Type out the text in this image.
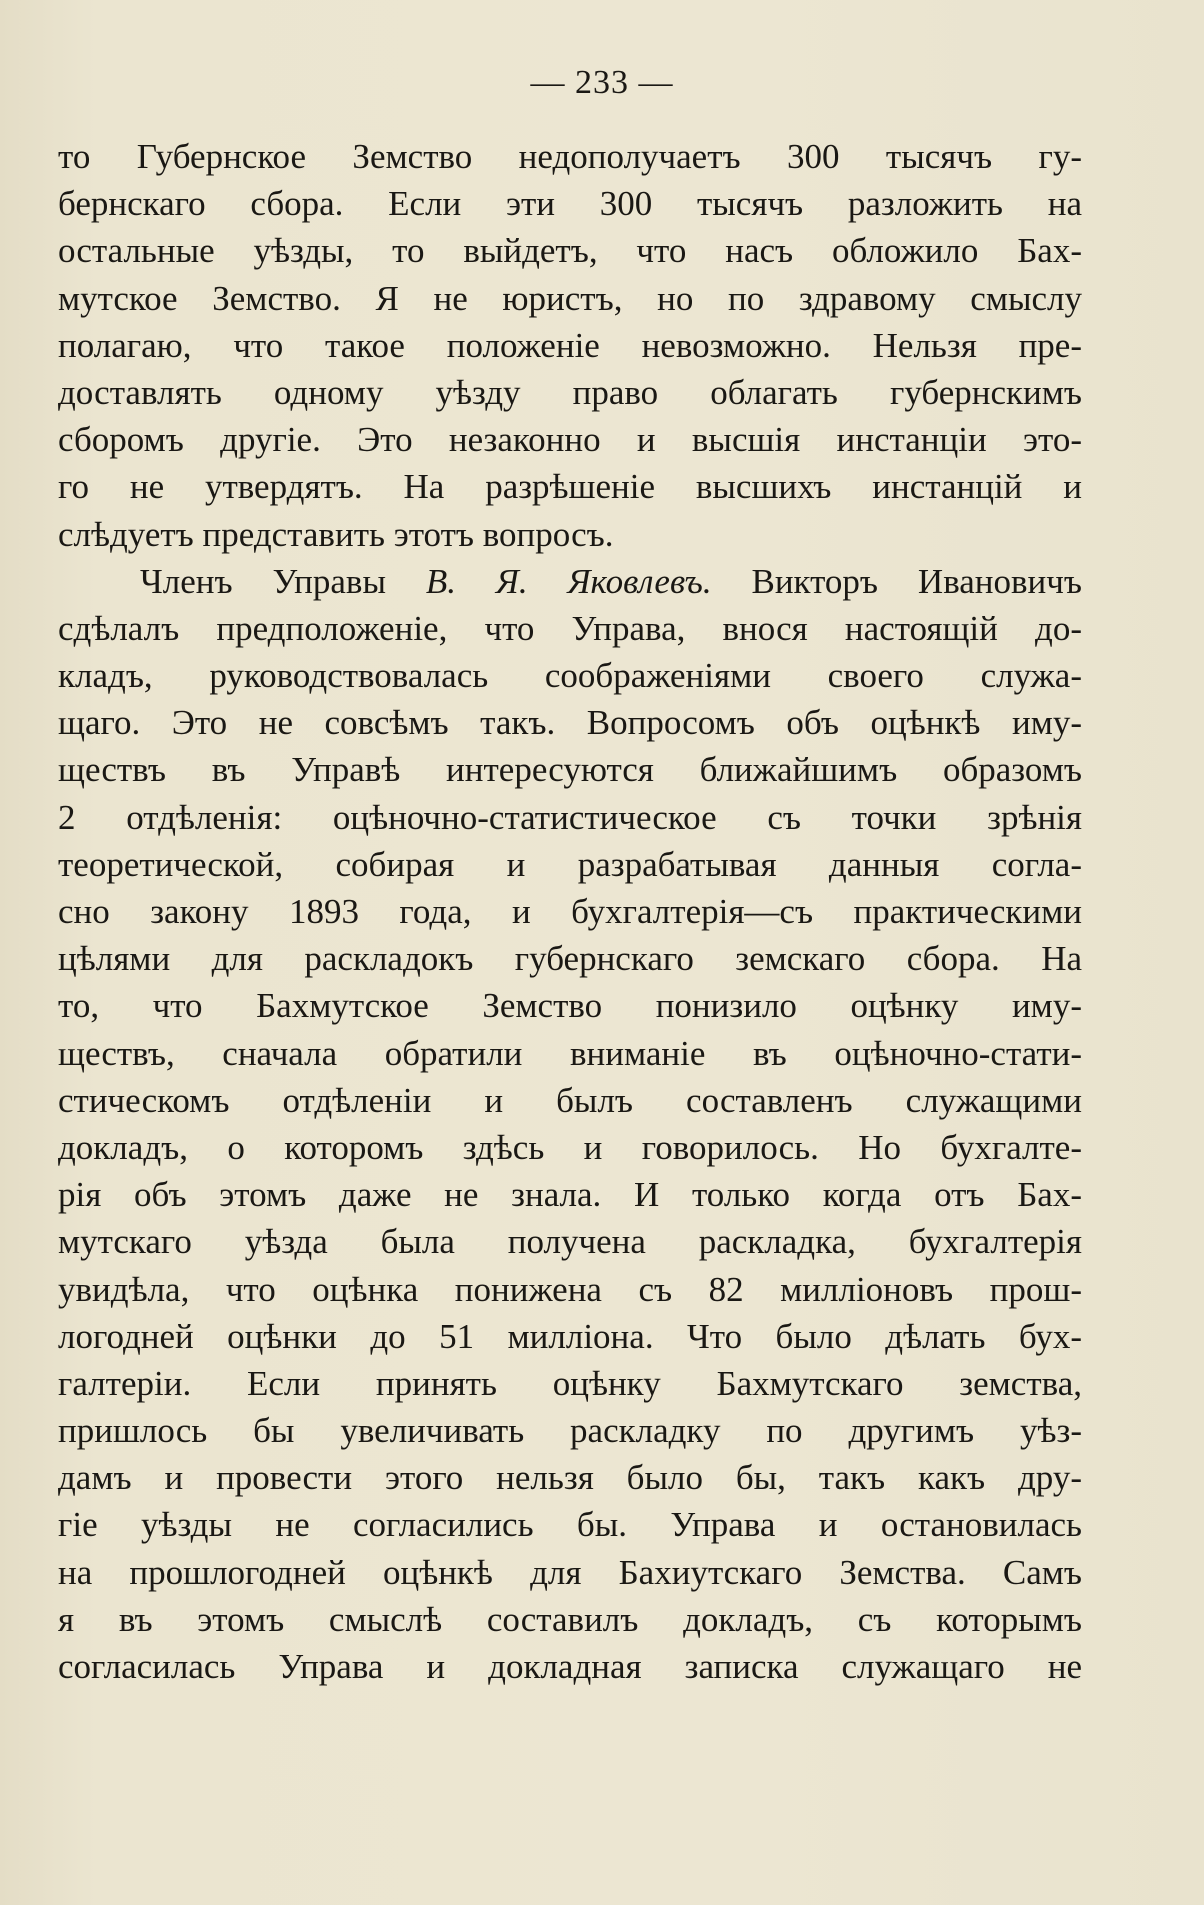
— 233 —
то Губернское Земство недополучаетъ 300 тысячъ гу-
бернскаго сбора. Если эти 300 тысячъ разложить на
остальные уѣзды, то выйдетъ, что насъ обложило Бах-
мутское Земство. Я не юристъ, но по здравому смыслу
полагаю, что такое положеніе невозможно. Нельзя пре-
доставлять одному уѣзду право облагать губернскимъ
сборомъ другіе. Это незаконно и высшія инстанціи это-
го не утвердятъ. На разрѣшеніе высшихъ инстанцій и
слѣдуетъ представить этотъ вопросъ.
Членъ Управы В. Я. Яковлевъ. Викторъ Ивановичъ
сдѣлалъ предположеніе, что Управа, внося настоящій до-
кладъ, руководствовалась соображеніями своего служа-
щаго. Это не совсѣмъ такъ. Вопросомъ объ оцѣнкѣ иму-
ществъ въ Управѣ интересуются ближайшимъ образомъ
2 отдѣленія: оцѣночно-статистическое съ точки зрѣнія
теоретической, собирая и разрабатывая данныя согла-
сно закону 1893 года, и бухгалтерія—съ практическими
цѣлями для раскладокъ губернскаго земскаго сбора. На
то, что Бахмутское Земство понизило оцѣнку иму-
ществъ, сначала обратили вниманіе въ оцѣночно-стати-
стическомъ отдѣленіи и былъ составленъ служащими
докладъ, о которомъ здѣсь и говорилось. Но бухгалте-
рія объ этомъ даже не знала. И только когда отъ Бах-
мутскаго уѣзда была получена раскладка, бухгалтерія
увидѣла, что оцѣнка понижена съ 82 милліоновъ прош-
логодней оцѣнки до 51 милліона. Что было дѣлать бух-
галтеріи. Если принять оцѣнку Бахмутскаго земства,
пришлось бы увеличивать раскладку по другимъ уѣз-
дамъ и провести этого нельзя было бы, такъ какъ дру-
гіе уѣзды не согласились бы. Управа и остановилась
на прошлогодней оцѣнкѣ для Бахиутскаго Земства. Самъ
я въ этомъ смыслѣ составилъ докладъ, съ которымъ
согласилась Управа и докладная записка служащаго не
